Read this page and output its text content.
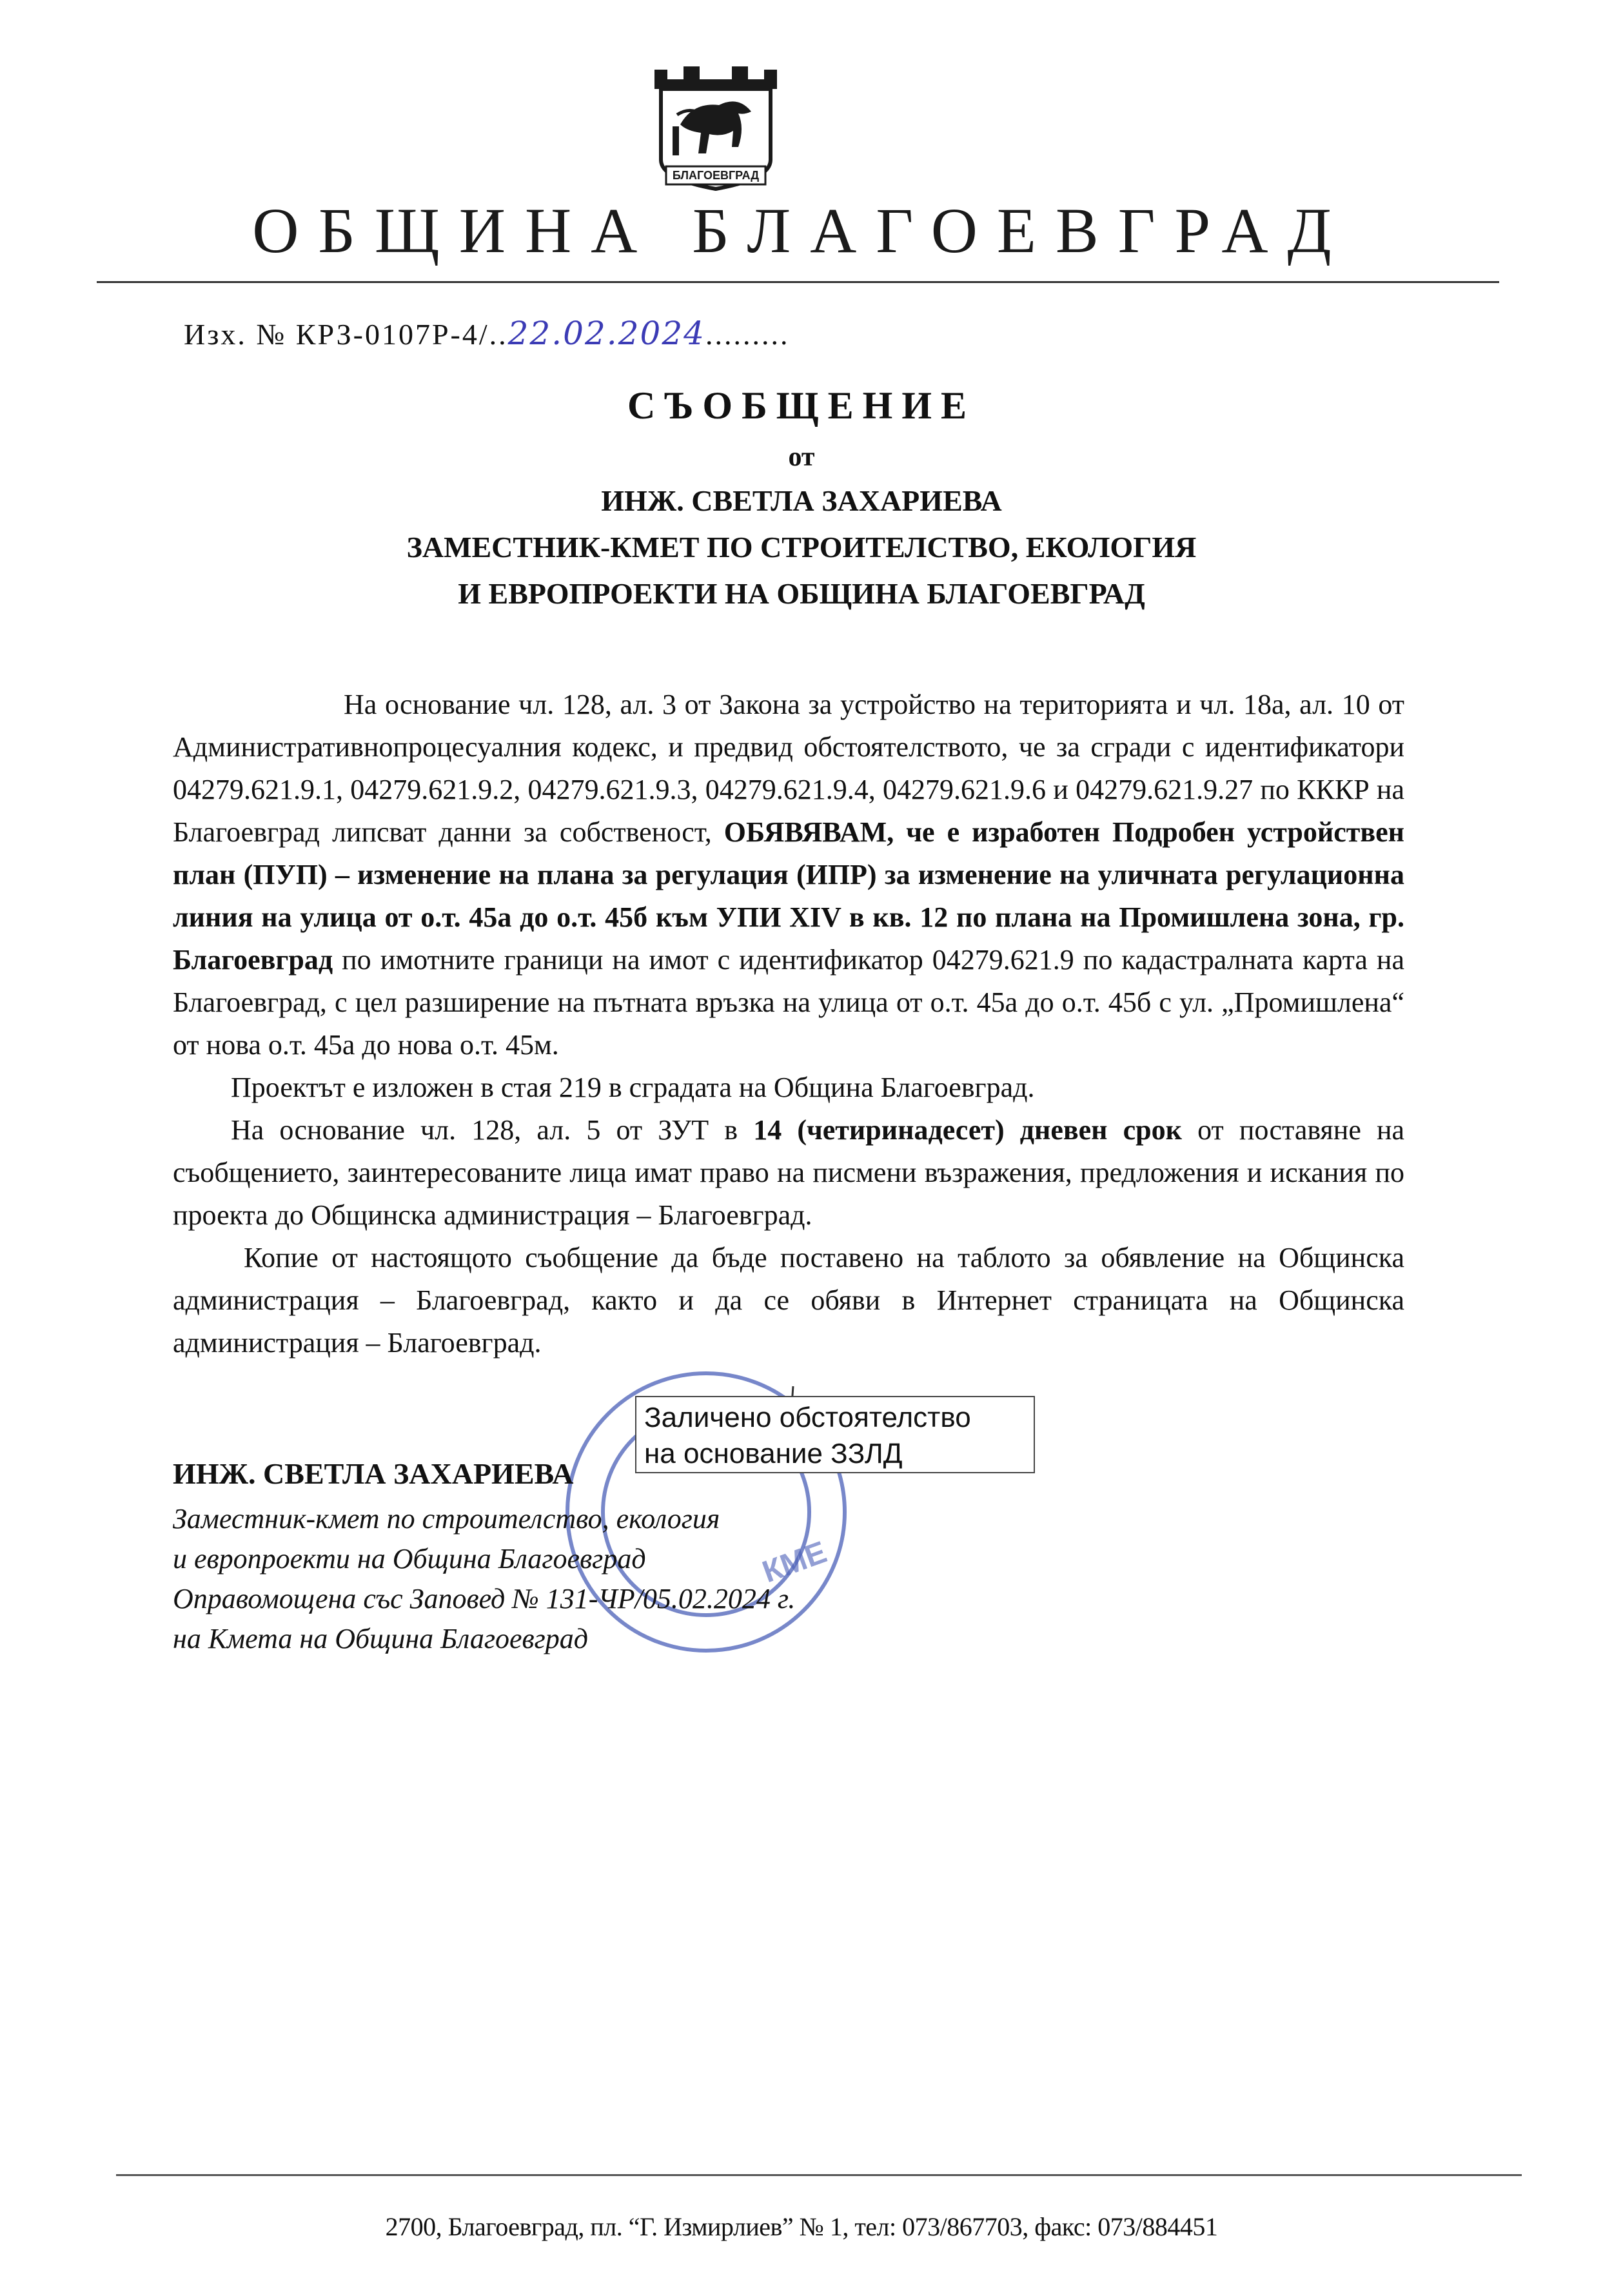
БЛАГОЕВГРАД
ОБЩИНА БЛАГОЕВГРАД
Изх. № КРЗ-0107Р-4/..22.02.2024.........
СЪОБЩЕНИЕ
от
ИНЖ. СВЕТЛА ЗАХАРИЕВА
ЗАМЕСТНИК-КМЕТ ПО СТРОИТЕЛСТВО, ЕКОЛОГИЯ
И ЕВРОПРОЕКТИ НА ОБЩИНА БЛАГОЕВГРАД

На основание чл. 128, ал. 3 от Закона за устройство на територията и чл. 18а, ал. 10 от Административнопроцесуалния кодекс, и предвид обстоятелството, че за сгради с идентификатори 04279.621.9.1, 04279.621.9.2, 04279.621.9.3, 04279.621.9.4, 04279.621.9.6 и 04279.621.9.27 по КККР на Благоевград липсват данни за собственост, ОБЯВЯВАМ, че е изработен Подробен устройствен план (ПУП) – изменение на плана за регулация (ИПР) за изменение на уличната регулационна линия на улица от о.т. 45а до о.т. 45б към УПИ XIV в кв. 12 по плана на Промишлена зона, гр. Благоевград по имотните граници на имот с идентификатор 04279.621.9 по кадастралната карта на Благоевград, с цел разширение на пътната връзка на улица от о.т. 45а до о.т. 45б с ул. „Промишлена“ от нова о.т. 45а до нова о.т. 45м.

Проектът е изложен в стая 219 в сградата на Община Благоевград.

На основание чл. 128, ал. 5 от ЗУТ в 14 (четиринадесет) дневен срок от поставяне на съобщението, заинтересованите лица имат право на писмени възражения, предложения и искания по проекта до Общинска администрация – Благоевград.

Копие от настоящото съобщение да бъде поставено на таблото за обявление на Общинска администрация – Благоевград, както и да се обяви в Интернет страницата на Общинска администрация – Благоевград.

КМЕ
Заличено обстоятелство
на основание ЗЗЛД
ИНЖ. СВЕТЛА ЗАХАРИЕВА
Заместник-кмет по строителство, екология
и европроекти на Община Благоевград
Оправомощена със Заповед № 131-ЧР/05.02.2024 г.
на Кмета на Община Благоевград
2700, Благоевград, пл. “Г. Измирлиев” № 1, тел: 073/867703, факс: 073/884451
